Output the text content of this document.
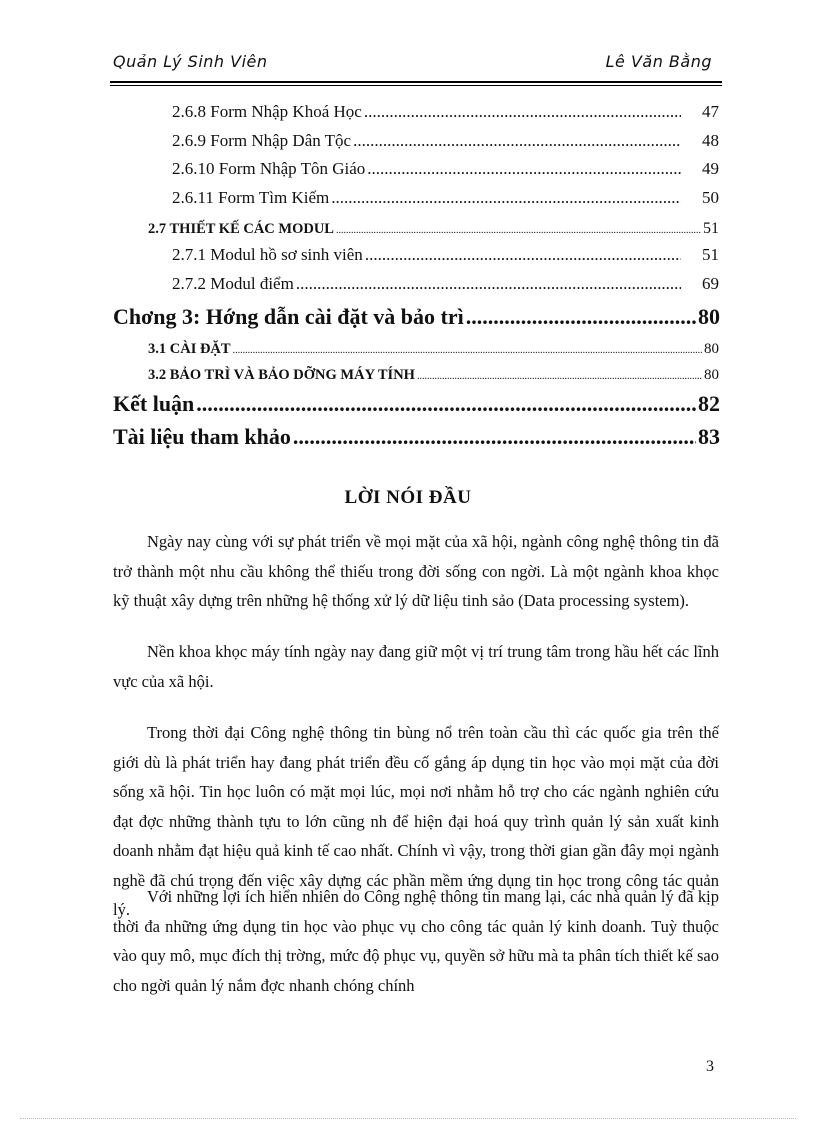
Quản Lý Sinh Viên	Lê Văn Bằng
2.6.8 Form Nhập Khoá Học .....	47
2.6.9 Form Nhập Dân Tộc .....	48
2.6.10 Form Nhập Tôn Giáo .....	49
2.6.11 Form Tìm Kiếm .....	50
2.7 THIẾT KẾ CÁC MODUL .....	51
2.7.1 Modul hồ sơ sinh viên .....	51
2.7.2 Modul điểm .....	69
Chơng 3: Hớng dẫn cài đặt và bảo trì .....	80
3.1 CÀI ĐẶT .....	80
3.2 BẢO TRÌ VÀ BẢO DỠNG MÁY TÍNH .....	80
Kết luận .....	82
Tài liệu tham khảo .....	83
LỜI NÓI ĐẦU

Ngày nay cùng với sự phát triển về mọi mặt của xã hội, ngành công nghệ thông tin đã trở thành một nhu cầu không thể thiếu trong đời sống con ngời. Là một ngành khoa khọc kỹ thuật xây dựng trên những hệ thống xử lý dữ liệu tinh sảo (Data processing system).

Nền khoa khọc máy tính ngày nay đang giữ một vị trí trung tâm trong hầu hết các lĩnh vực của xã hội.

Trong thời đại Công nghệ thông tin bùng nổ trên toàn cầu thì các quốc gia trên thế giới dù là phát triển hay đang phát triển đều cố gắng áp dụng tin học vào mọi mặt của đời sống xã hội. Tin học luôn có mặt mọi lúc, mọi nơi nhằm hỗ trợ cho các ngành nghiên cứu đạt đợc những thành tựu to lớn cũng nh để hiện đại hoá quy trình quản lý sản xuất kinh doanh nhằm đạt hiệu quả kinh tế cao nhất. Chính vì vậy, trong thời gian gần đây mọi ngành nghề đã chú trọng đến việc xây dựng các phần mềm ứng dụng tin học trong công tác quản lý.

Với những lợi ích hiển nhiên do Công nghệ thông tin mang lại, các nhà quản lý đã kịp thời đa những ứng dụng tin học vào phục vụ cho công tác quản lý kinh doanh. Tuỳ thuộc vào quy mô, mục đích thị trờng, mức độ phục vụ, quyền sở hữu mà ta phân tích thiết kế sao cho ngời quản lý nắm đợc nhanh chóng chính

3
